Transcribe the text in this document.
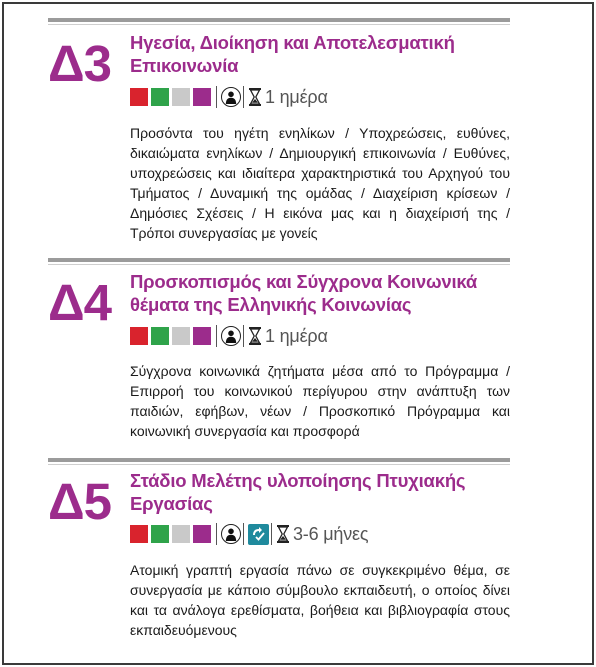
Δ3 Ηγεσία, Διοίκηση και Αποτελεσματική
Επικοινωνία
1 ημέρα
Προσόντα του ηγέτη ενηλίκων / Υποχρεώσεις, ευθύνες, δικαιώματα ενηλίκων / Δημιουργική επικοινωνία / Ευθύνες, υποχρεώσεις και ιδιαίτερα χαρακτηριστικά του Αρχηγού του Τμήματος / Δυναμική της ομάδας / Διαχείριση κρίσεων / Δημόσιες Σχέσεις / Η εικόνα μας και η διαχείρισή της / Τρόποι συνεργασίας με γονείς
Δ4 Προσκοπισμός και Σύγχρονα Κοινωνικά
θέματα της Ελληνικής Κοινωνίας
1 ημέρα
Σύγχρονα κοινωνικά ζητήματα μέσα από το Πρόγραμμα / Επιρροή του κοινωνικού περίγυρου στην ανάπτυξη των παιδιών, εφήβων, νέων / Προσκοπικό Πρόγραμμα και κοινωνική συνεργασία και προσφορά
Δ5 Στάδιο Μελέτης υλοποίησης Πτυχιακής
Εργασίας
3-6 μήνες
Ατομική γραπτή εργασία πάνω σε συγκεκριμένο θέμα, σε συνεργασία με κάποιο σύμβουλο εκπαιδευτή, ο οποίος δίνει και τα ανάλογα ερεθίσματα, βοήθεια και βιβλιογραφία στους εκπαιδευόμενους
